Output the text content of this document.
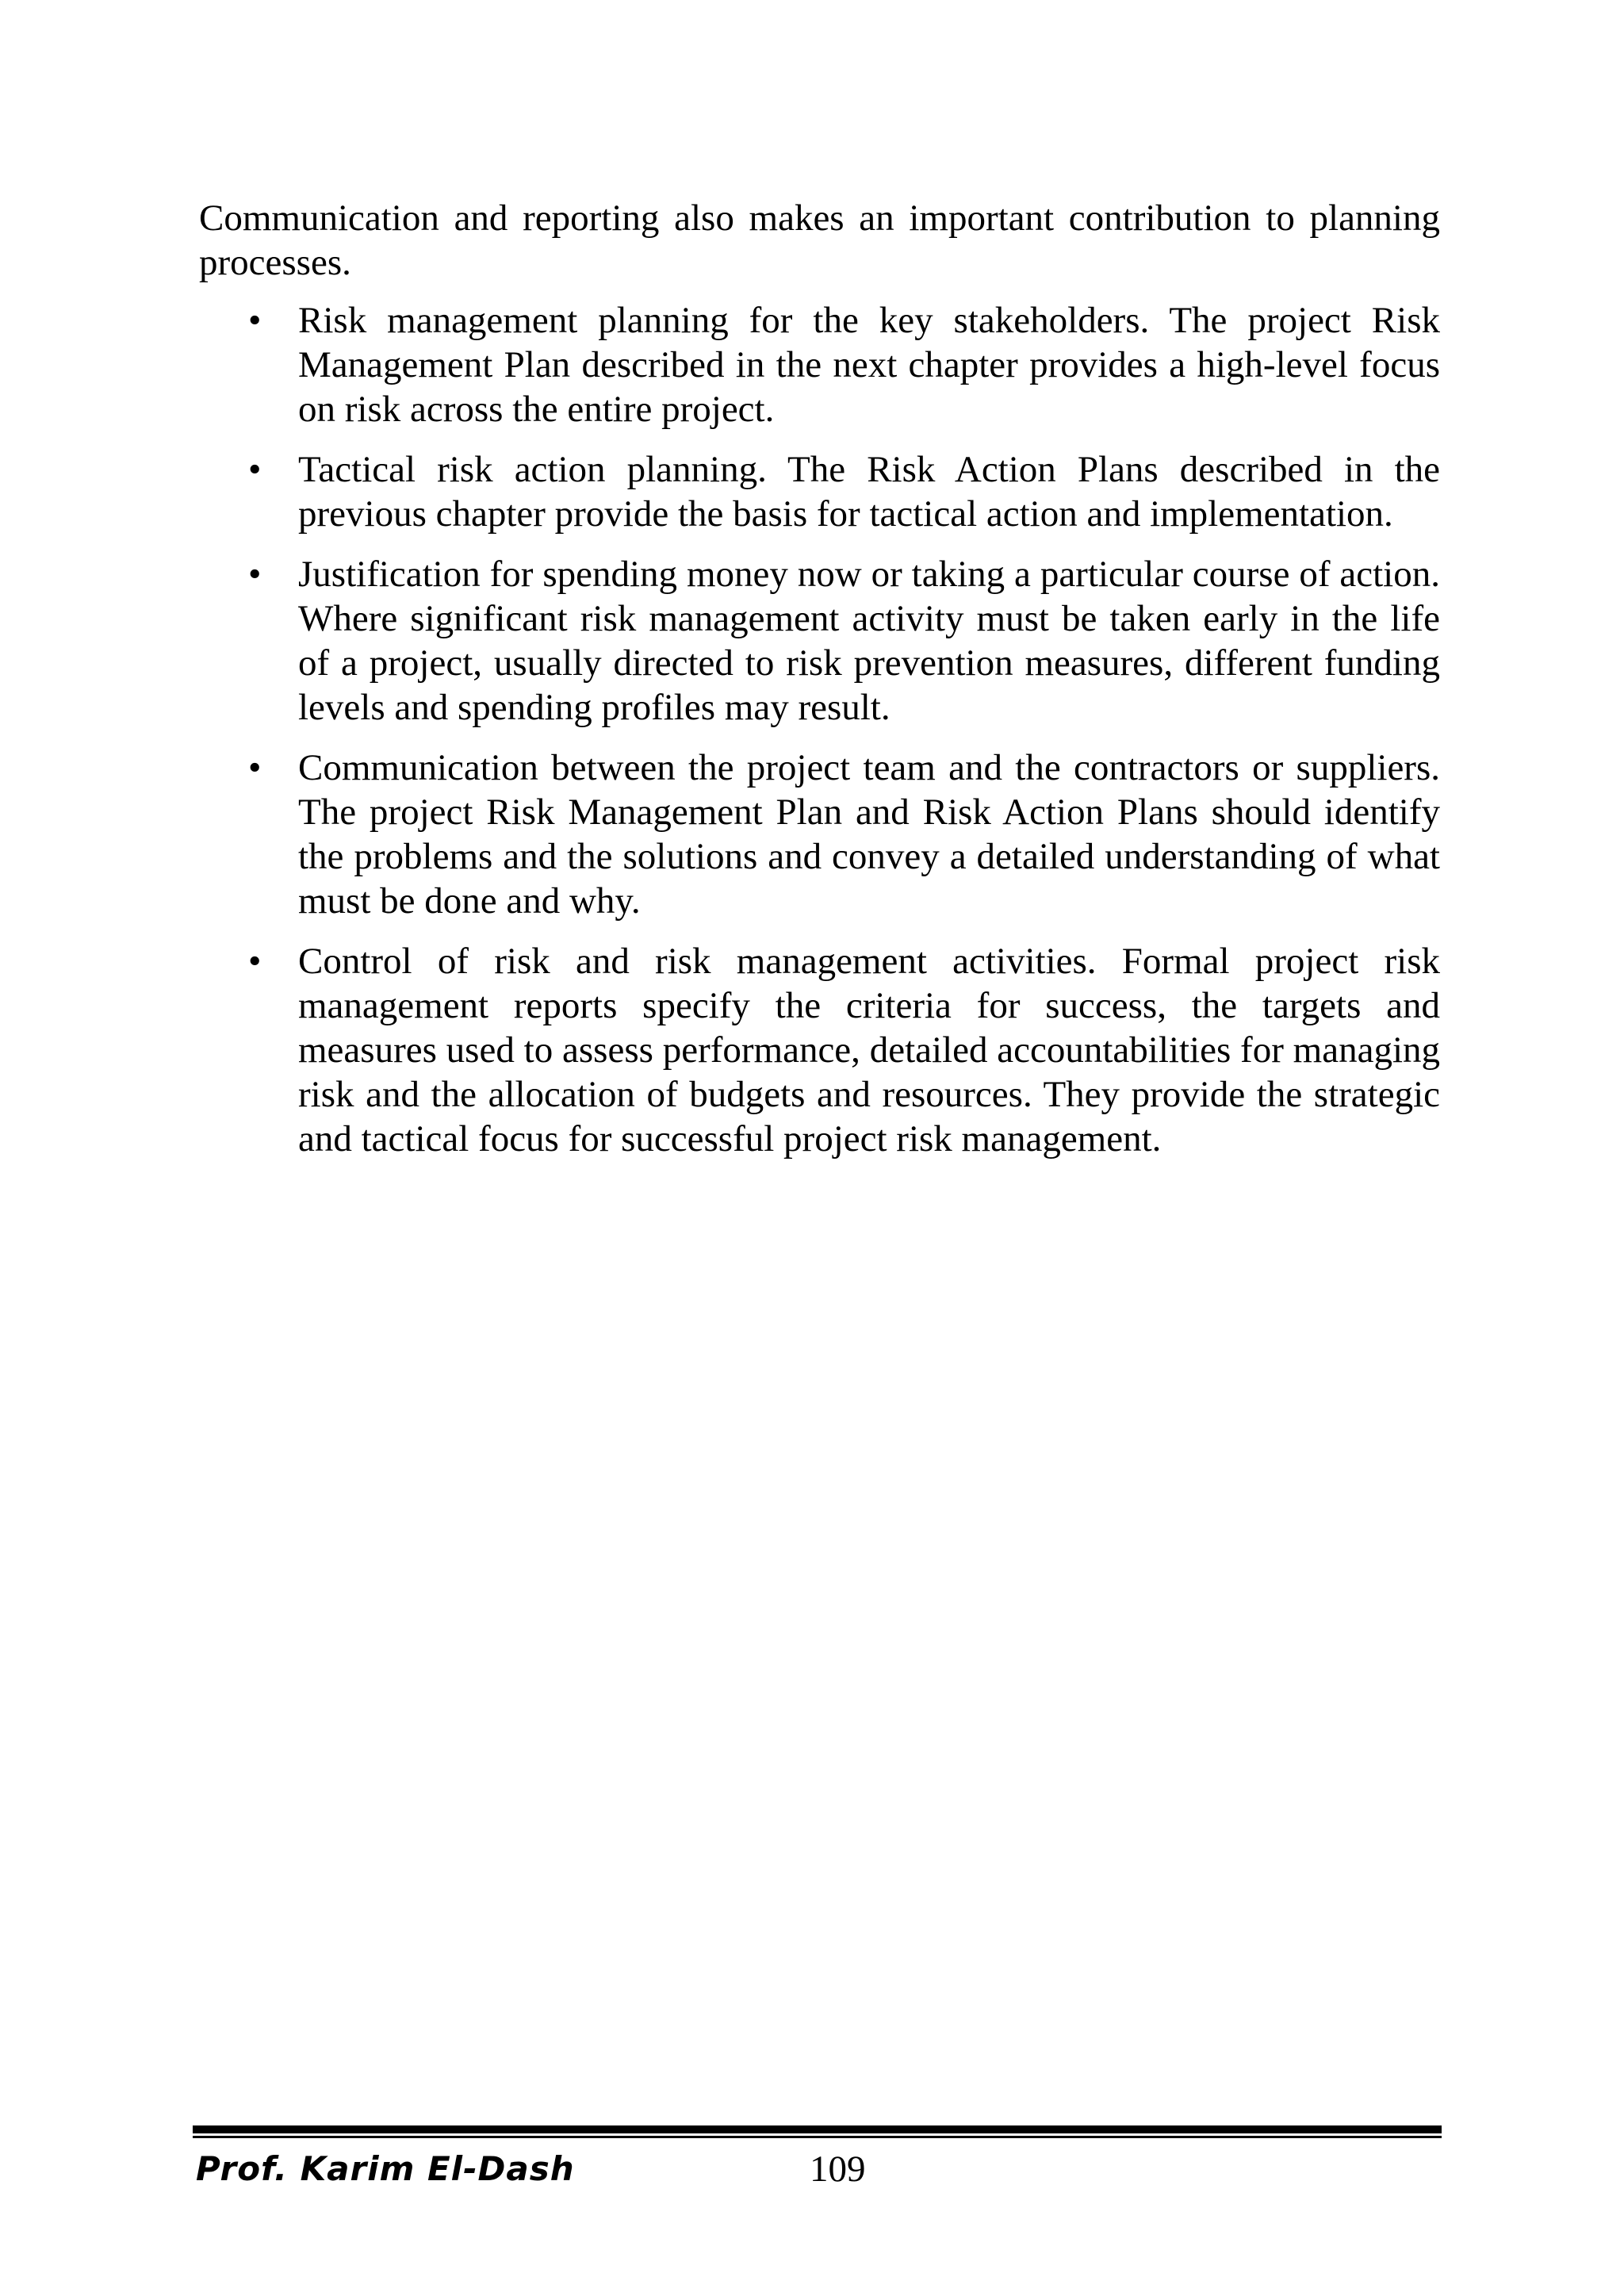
Communication and reporting also makes an important contribution to planning processes.

• Risk management planning for the key stakeholders. The project Risk Management Plan described in the next chapter provides a high-level focus on risk across the entire project.
• Tactical risk action planning. The Risk Action Plans described in the previous chapter provide the basis for tactical action and implementation.
• Justification for spending money now or taking a particular course of action. Where significant risk management activity must be taken early in the life of a project, usually directed to risk prevention measures, different funding levels and spending profiles may result.
• Communication between the project team and the contractors or suppliers. The project Risk Management Plan and Risk Action Plans should identify the problems and the solutions and convey a detailed understanding of what must be done and why.
• Control of risk and risk management activities. Formal project risk management reports specify the criteria for success, the targets and measures used to assess performance, detailed accountabilities for managing risk and the allocation of budgets and resources. They provide the strategic and tactical focus for successful project risk management.
Prof. Karim El-Dash	109
